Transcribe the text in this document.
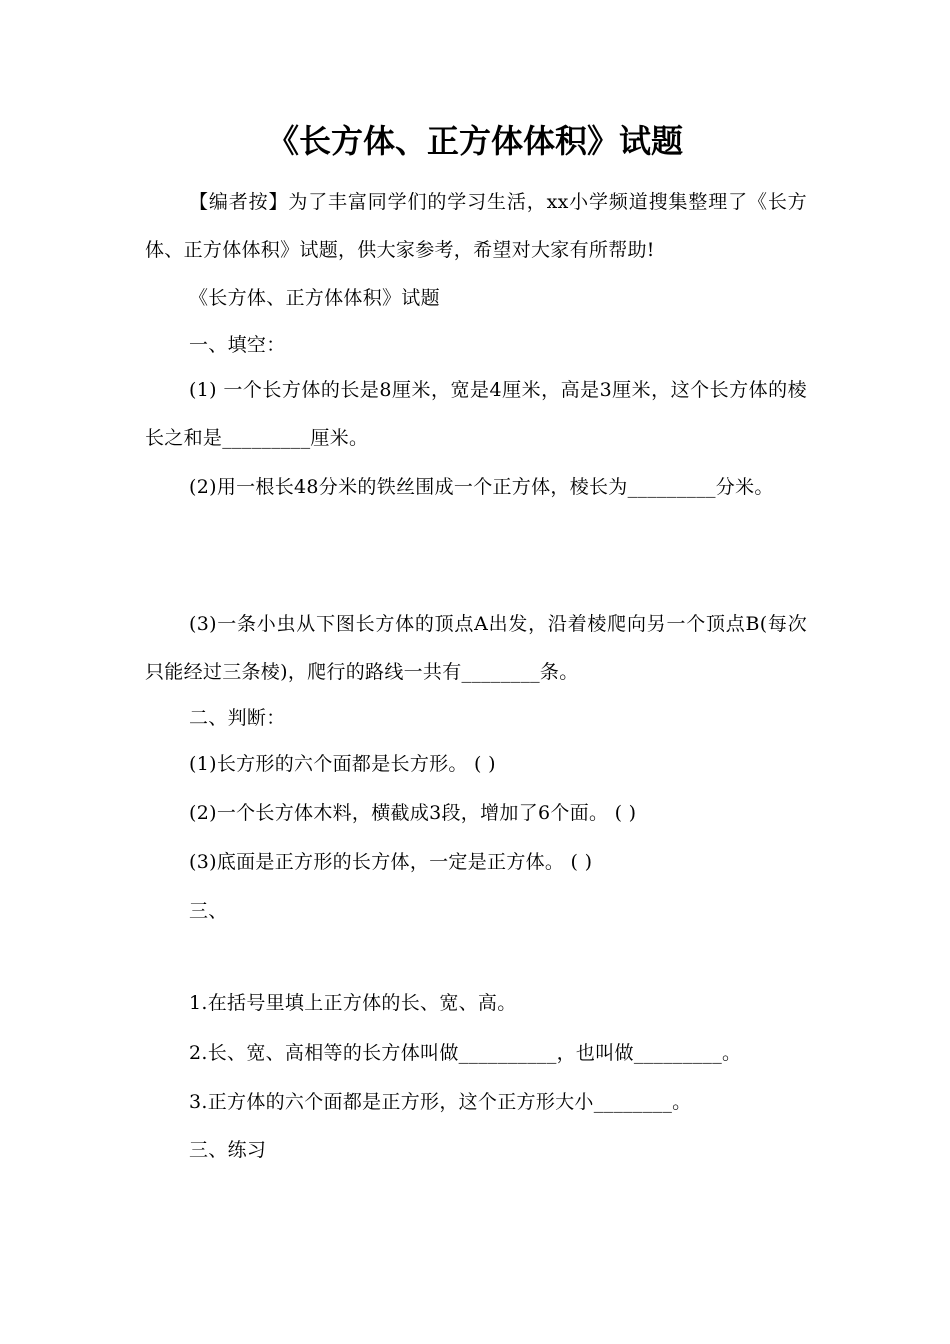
《长方体、正方体体积》试题
【编者按】为了丰富同学们的学习生活，xx小学频道搜集整理了《长方体、正方体体积》试题，供大家参考，希望对大家有所帮助!
《长方体、正方体体积》试题
一、填空：
(1) 一个长方体的长是8厘米，宽是4厘米，高是3厘米，这个长方体的棱长之和是_________厘米。
(2)用一根长48分米的铁丝围成一个正方体，棱长为_________分米。
(3)一条小虫从下图长方体的顶点A出发，沿着棱爬向另一个顶点B(每次只能经过三条棱)，爬行的路线一共有________条。
二、判断：
(1)长方形的六个面都是长方形。 ( )
(2)一个长方体木料，横截成3段，增加了6个面。 ( )
(3)底面是正方形的长方体，一定是正方体。 ( )
三、
1.在括号里填上正方体的长、宽、高。
2.长、宽、高相等的长方体叫做__________，也叫做_________。
3.正方体的六个面都是正方形，这个正方形大小________。
三、练习
